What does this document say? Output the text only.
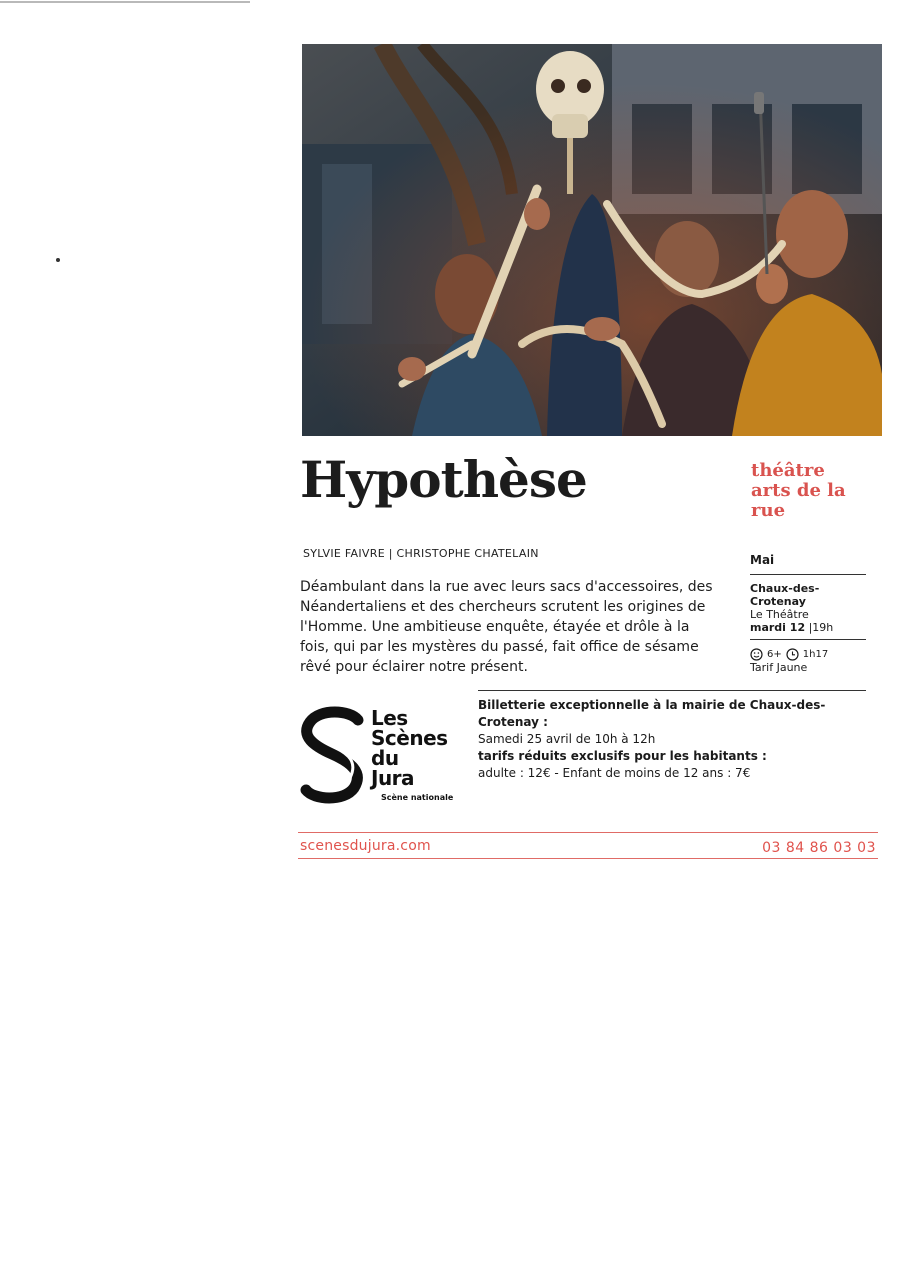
Hypothèse	théâtre
arts de la
rue
SYLVIE FAIVRE | CHRISTOPHE CHATELAIN

Déambulant dans la rue avec leurs sacs d'accessoires, des Néandertaliens et des chercheurs scrutent les origines de l'Homme. Une ambitieuse enquête, étayée et drôle à la fois, qui par les mystères du passé, fait office de sésame rêvé pour éclairer notre présent.

Mai
Chaux-des-Crotenay
Le Théâtre
mardi 12 |19h
6+ 1h17
Tarif Jaune
Billetterie exceptionnelle à la mairie de Chaux-des-Crotenay :
Samedi 25 avril de 10h à 12h
tarifs réduits exclusifs pour les habitants :
adulte : 12€ - Enfant de moins de 12 ans : 7€
Les
Scènes
du
Jura
Scène nationale
scenesdujura.com	03 84 86 03 03
